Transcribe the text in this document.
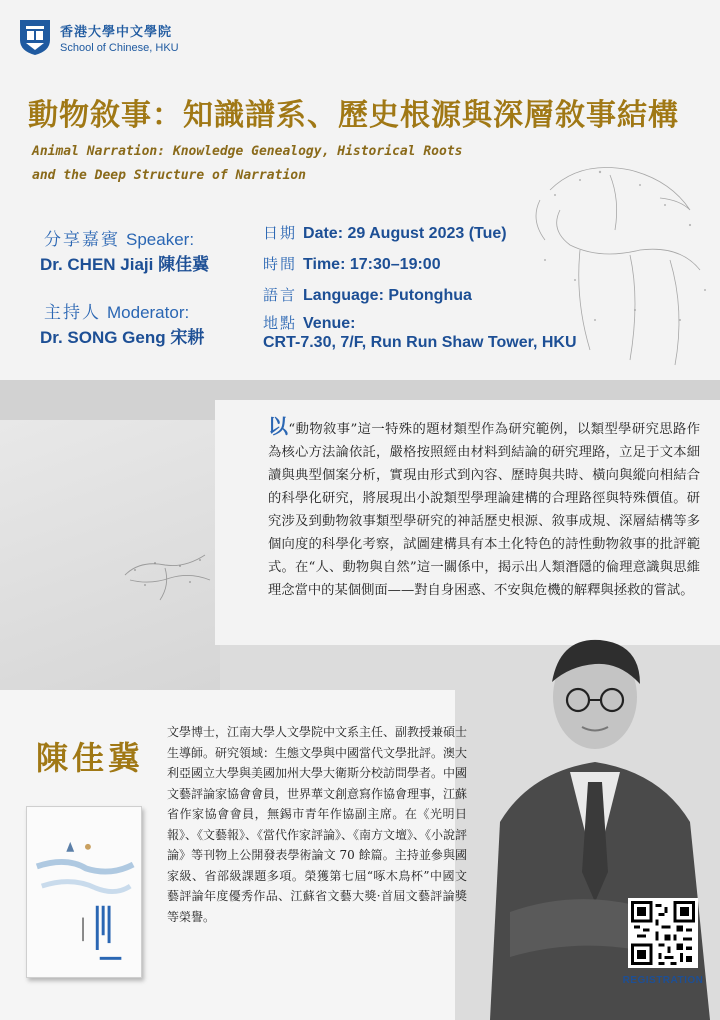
香港大學中文學院
School of Chinese, HKU
動物敘事：知識譜系、歷史根源與深層敘事結構
Animal Narration: Knowledge Genealogy, Historical Roots
and the Deep Structure of Narration
分享嘉賓 Speaker:
Dr. CHEN Jiaji 陳佳冀
主持人 Moderator:
Dr. SONG Geng 宋耕
日期 Date: 29 August 2023 (Tue)
時間 Time: 17:30–19:00
語言 Language: Putonghua
地點 Venue:
CRT-7.30, 7/F, Run Run Shaw Tower, HKU
以“動物敘事”這一特殊的題材類型作為研究範例，以類型學研究思路作為核心方法論依託，嚴格按照經由材料到結論的研究理路，立足于文本細讀與典型個案分析，實現由形式到內容、歷時與共時、橫向與縱向相結合的科學化研究，將展現出小說類型學理論建構的合理路徑與特殊價值。研究涉及到動物敘事類型學研究的神話歷史根源、敘事成規、深層結構等多個向度的科學化考察，試圖建構具有本土化特色的詩性動物敘事的批評範式。在“人、動物與自然”這一關係中，揭示出人類潛隱的倫理意識與思維理念當中的某個側面——對自身困惑、不安與危機的解釋與拯救的嘗試。
陳佳冀
文學博士，江南大學人文學院中文系主任、副教授兼碩士生導師。研究領域：生態文學與中國當代文學批評。澳大利亞國立大學與美國加州大學大衛斯分校訪問學者。中國文藝評論家協會會員，世界華文創意寫作協會理事，江蘇省作家協會會員，無錫市青年作協副主席。在《光明日報》、《文藝報》、《當代作家評論》、《南方文壇》、《小說評論》等刊物上公開發表學術論文 70 餘篇。主持並參與國家級、省部級課題多項。榮獲第七屆“啄木鳥杯”中國文藝評論年度優秀作品、江蘇省文藝大獎·首屆文藝評論獎等榮譽。
REGISTRATION
